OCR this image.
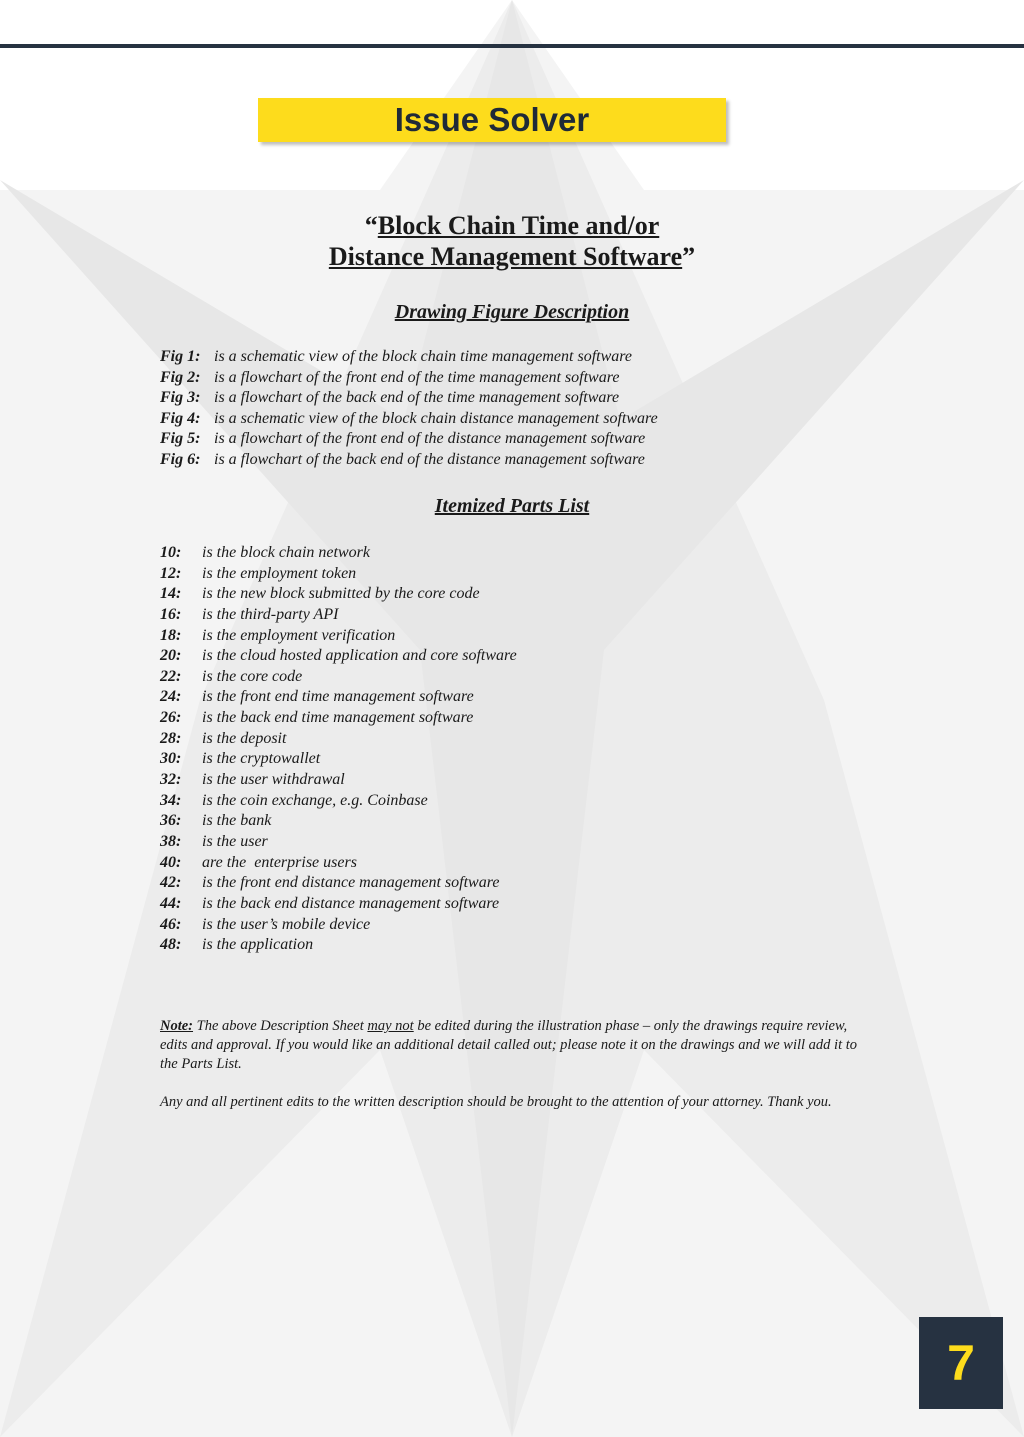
Issue Solver
“Block Chain Time and/or
Distance Management Software”
Drawing Figure Description
Fig 1: is a schematic view of the block chain time management software
Fig 2: is a flowchart of the front end of the time management software
Fig 3: is a flowchart of the back end of the time management software
Fig 4: is a schematic view of the block chain distance management software
Fig 5: is a flowchart of the front end of the distance management software
Fig 6: is a flowchart of the back end of the distance management software
Itemized Parts List
10: is the block chain network
12: is the employment token
14: is the new block submitted by the core code
16: is the third-party API
18: is the employment verification
20: is the cloud hosted application and core software
22: is the core code
24: is the front end time management software
26: is the back end time management software
28: is the deposit
30: is the cryptowallet
32: is the user withdrawal
34: is the coin exchange, e.g. Coinbase
36: is the bank
38: is the user
40: are the  enterprise users
42: is the front end distance management software
44: is the back end distance management software
46: is the user’s mobile device
48: is the application
Note: The above Description Sheet may not be edited during the illustration phase – only the drawings require review, edits and approval. If you would like an additional detail called out; please note it on the drawings and we will add it to the Parts List.
Any and all pertinent edits to the written description should be brought to the attention of your attorney. Thank you.
7
